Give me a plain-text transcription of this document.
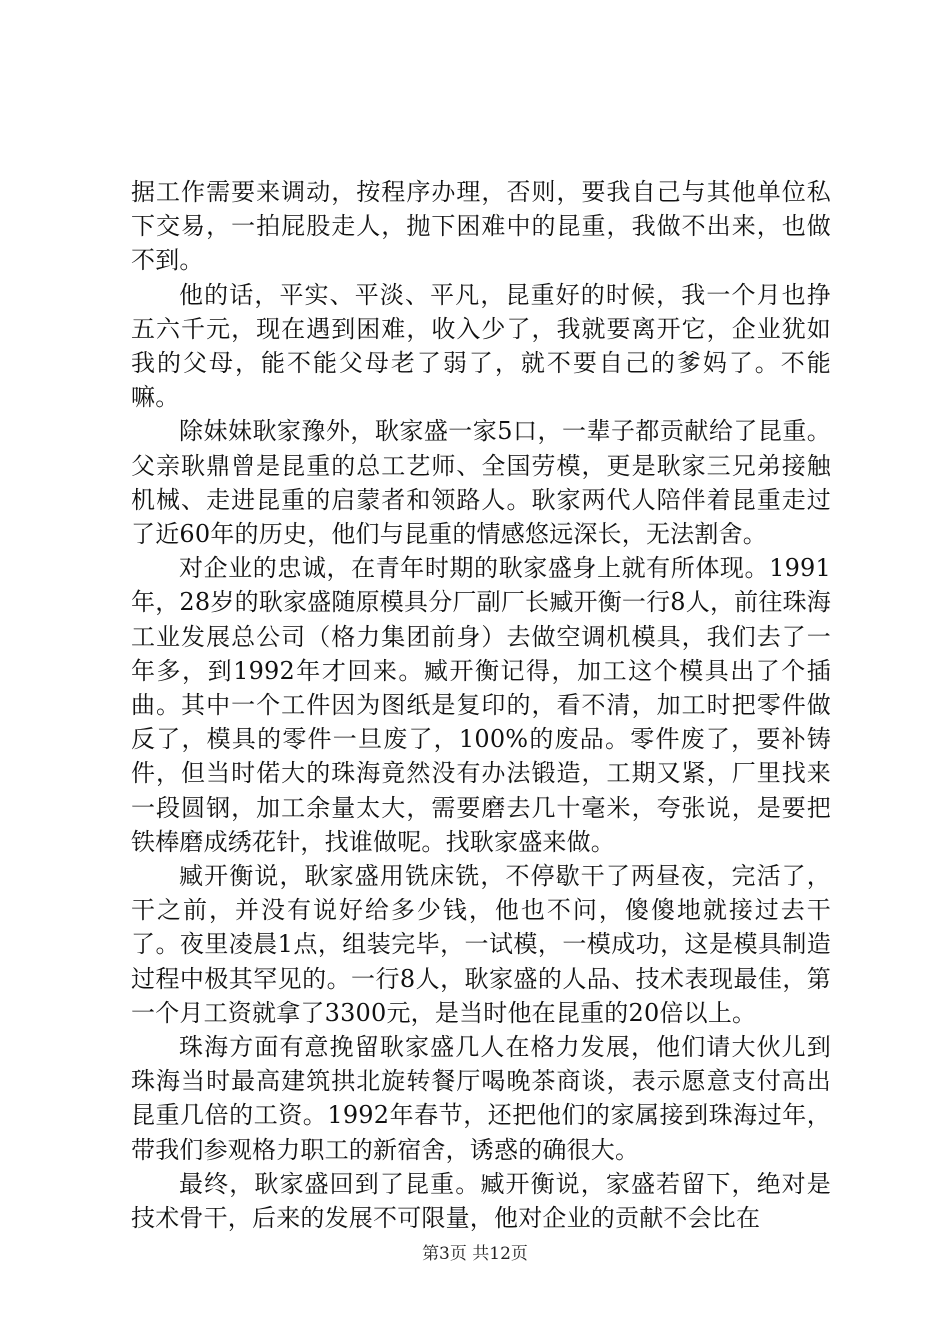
据工作需要来调动，按程序办理，否则，要我自己与其他单位私下交易，一拍屁股走人，抛下困难中的昆重，我做不出来，也做不到。

他的话，平实、平淡、平凡，昆重好的时候，我一个月也挣五六千元，现在遇到困难，收入少了，我就要离开它，企业犹如我的父母，能不能父母老了弱了，就不要自己的爹妈了。不能嘛。

除妹妹耿家豫外，耿家盛一家5口，一辈子都贡献给了昆重。父亲耿鼎曾是昆重的总工艺师、全国劳模，更是耿家三兄弟接触机械、走进昆重的启蒙者和领路人。耿家两代人陪伴着昆重走过了近60年的历史，他们与昆重的情感悠远深长，无法割舍。

对企业的忠诚，在青年时期的耿家盛身上就有所体现。1991年，28岁的耿家盛随原模具分厂副厂长臧开衡一行8人，前往珠海工业发展总公司（格力集团前身）去做空调机模具，我们去了一年多，到1992年才回来。臧开衡记得，加工这个模具出了个插曲。其中一个工件因为图纸是复印的，看不清，加工时把零件做反了，模具的零件一旦废了，100%的废品。零件废了，要补铸件，但当时偌大的珠海竟然没有办法锻造，工期又紧，厂里找来一段圆钢，加工余量太大，需要磨去几十毫米，夸张说，是要把铁棒磨成绣花针，找谁做呢。找耿家盛来做。

臧开衡说，耿家盛用铣床铣，不停歇干了两昼夜，完活了，干之前，并没有说好给多少钱，他也不问，傻傻地就接过去干了。夜里凌晨1点，组装完毕，一试模，一模成功，这是模具制造过程中极其罕见的。一行8人，耿家盛的人品、技术表现最佳，第一个月工资就拿了3300元，是当时他在昆重的20倍以上。

珠海方面有意挽留耿家盛几人在格力发展，他们请大伙儿到珠海当时最高建筑拱北旋转餐厅喝晚茶商谈，表示愿意支付高出昆重几倍的工资。1992年春节，还把他们的家属接到珠海过年，带我们参观格力职工的新宿舍，诱惑的确很大。

最终，耿家盛回到了昆重。臧开衡说，家盛若留下，绝对是技术骨干，后来的发展不可限量，他对企业的贡献不会比在

第3页 共12页
